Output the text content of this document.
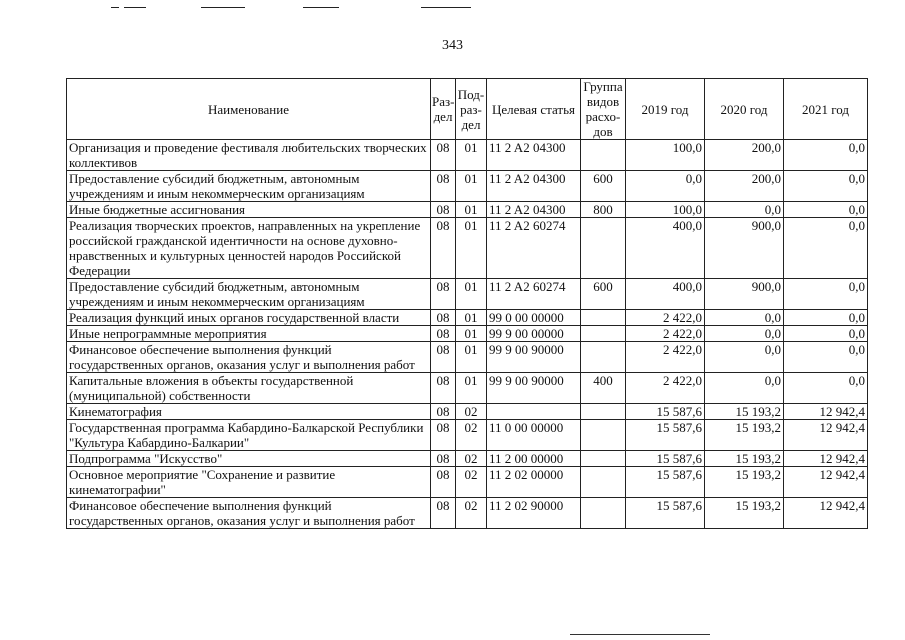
343
Наименование	Раз-дел	Под-раз-дел	Целевая статья	Группа видов расхо-дов	2019 год	2020 год	2021 год
Организация и проведение фестиваля любительских творческих коллективов	08	01	11 2 A2 04300		100,0	200,0	0,0
Предоставление субсидий бюджетным, автономным учреждениям и иным некоммерческим организациям	08	01	11 2 A2 04300	600	0,0	200,0	0,0
Иные бюджетные ассигнования	08	01	11 2 A2 04300	800	100,0	0,0	0,0
Реализация творческих проектов, направленных на укрепление российской гражданской идентичности на основе духовно-нравственных и культурных ценностей народов Российской Федерации	08	01	11 2 A2 60274		400,0	900,0	0,0
Предоставление субсидий бюджетным, автономным учреждениям и иным некоммерческим организациям	08	01	11 2 A2 60274	600	400,0	900,0	0,0
Реализация функций иных органов государственной власти	08	01	99 0 00 00000		2 422,0	0,0	0,0
Иные непрограммные мероприятия	08	01	99 9 00 00000		2 422,0	0,0	0,0
Финансовое обеспечение выполнения функций государственных органов, оказания услуг и выполнения работ	08	01	99 9 00 90000		2 422,0	0,0	0,0
Капитальные вложения в объекты государственной (муниципальной) собственности	08	01	99 9 00 90000	400	2 422,0	0,0	0,0
Кинематография	08	02			15 587,6	15 193,2	12 942,4
Государственная программа Кабардино-Балкарской Республики "Культура Кабардино-Балкарии"	08	02	11 0 00 00000		15 587,6	15 193,2	12 942,4
Подпрограмма "Искусство"	08	02	11 2 00 00000		15 587,6	15 193,2	12 942,4
Основное мероприятие "Сохранение и развитие кинематографии"	08	02	11 2 02 00000		15 587,6	15 193,2	12 942,4
Финансовое обеспечение выполнения функций государственных органов, оказания услуг и выполнения работ	08	02	11 2 02 90000		15 587,6	15 193,2	12 942,4
